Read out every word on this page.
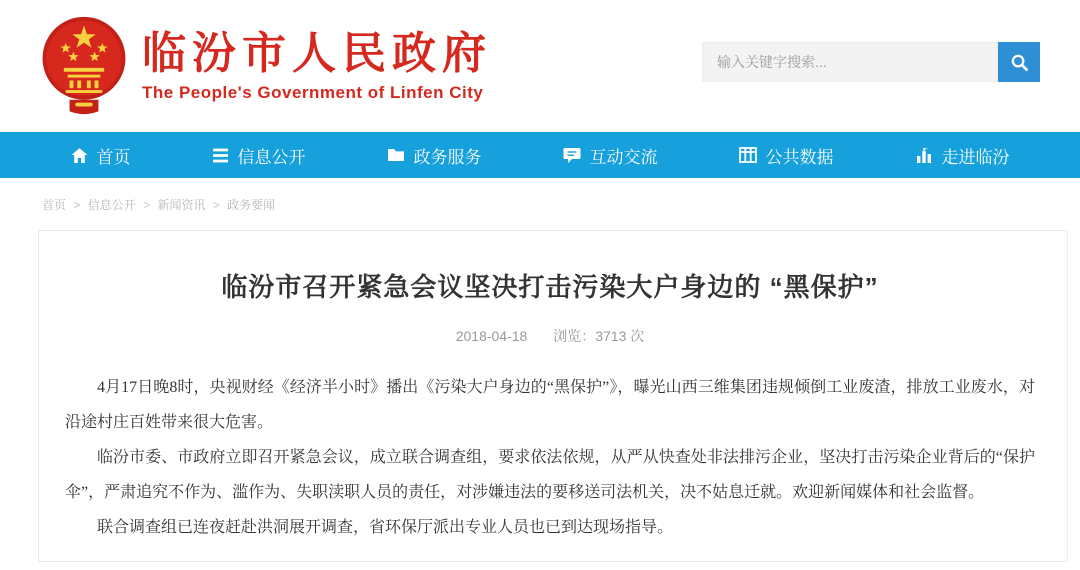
临汾市人民政府
The People's Government of Linfen City
输入关键字搜索...
首页	信息公开	政务服务	互动交流	公共数据	走进临汾
首页 > 信息公开 > 新闻资讯 > 政务要闻
临汾市召开紧急会议坚决打击污染大户身边的 “黑保护”
2018-04-18 浏览：3713 次

4月17日晚8时，央视财经《经济半小时》播出《污染大户身边的“黑保护”》，曝光山西三维集团违规倾倒工业废渣，排放工业废水，对沿途村庄百姓带来很大危害。

临汾市委、市政府立即召开紧急会议，成立联合调查组，要求依法依规，从严从快查处非法排污企业，坚决打击污染企业背后的“保护伞”，严肃追究不作为、滥作为、失职渎职人员的责任，对涉嫌违法的要移送司法机关，决不姑息迁就。欢迎新闻媒体和社会监督。

联合调查组已连夜赶赴洪洞展开调查，省环保厅派出专业人员也已到达现场指导。
